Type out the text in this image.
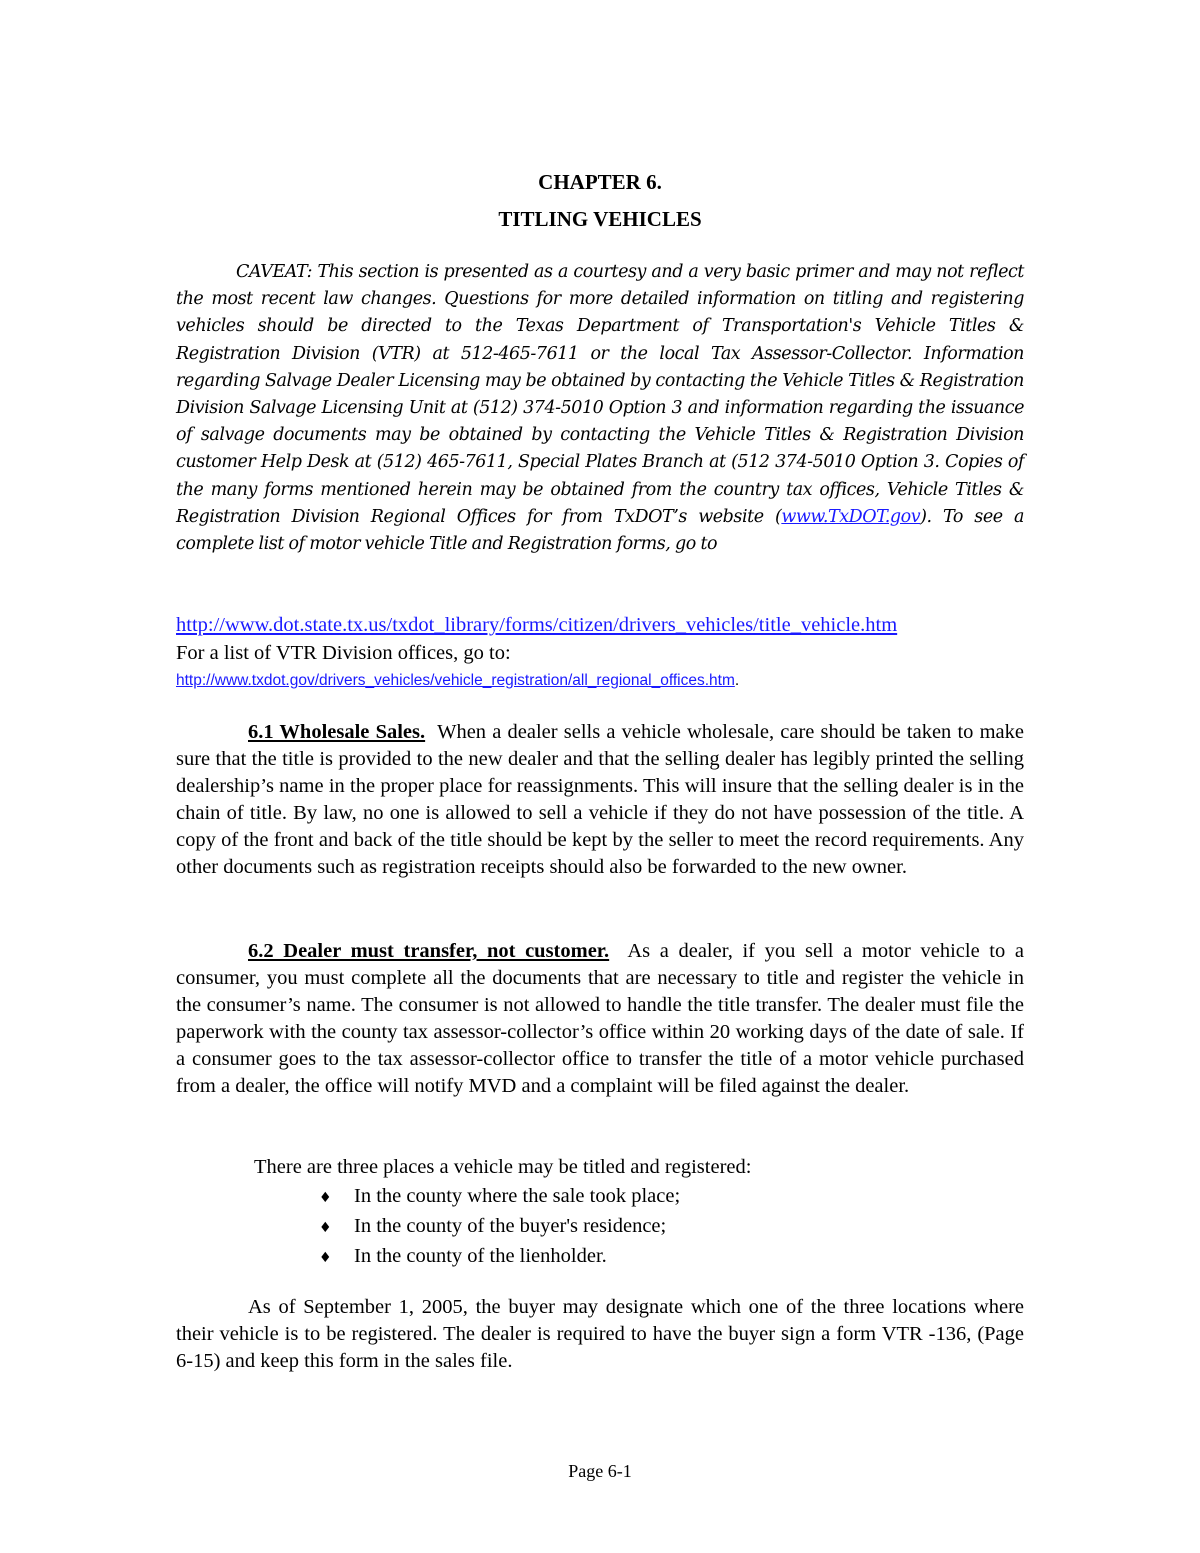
CHAPTER 6.
TITLING VEHICLES
CAVEAT: This section is presented as a courtesy and a very basic primer and may not reflect the most recent law changes. Questions for more detailed information on titling and registering vehicles should be directed to the Texas Department of Transportation's Vehicle Titles & Registration Division (VTR) at 512-465-7611 or the local Tax Assessor-Collector. Information regarding Salvage Dealer Licensing may be obtained by contacting the Vehicle Titles & Registration Division Salvage Licensing Unit at (512) 374-5010 Option 3 and information regarding the issuance of salvage documents may be obtained by contacting the Vehicle Titles & Registration Division customer Help Desk at (512) 465-7611, Special Plates Branch at (512 374-5010 Option 3. Copies of the many forms mentioned herein may be obtained from the country tax offices, Vehicle Titles & Registration Division Regional Offices for from TxDOT’s website (www.TxDOT.gov). To see a complete list of motor vehicle Title and Registration forms, go to
http://www.dot.state.tx.us/txdot_library/forms/citizen/drivers_vehicles/title_vehicle.htm
For a list of VTR Division offices, go to:
http://www.txdot.gov/drivers_vehicles/vehicle_registration/all_regional_offices.htm.
6.1 Wholesale Sales. When a dealer sells a vehicle wholesale, care should be taken to make sure that the title is provided to the new dealer and that the selling dealer has legibly printed the selling dealership’s name in the proper place for reassignments. This will insure that the selling dealer is in the chain of title. By law, no one is allowed to sell a vehicle if they do not have possession of the title. A copy of the front and back of the title should be kept by the seller to meet the record requirements. Any other documents such as registration receipts should also be forwarded to the new owner.
6.2 Dealer must transfer, not customer. As a dealer, if you sell a motor vehicle to a consumer, you must complete all the documents that are necessary to title and register the vehicle in the consumer’s name. The consumer is not allowed to handle the title transfer. The dealer must file the paperwork with the county tax assessor-collector’s office within 20 working days of the date of sale. If a consumer goes to the tax assessor-collector office to transfer the title of a motor vehicle purchased from a dealer, the office will notify MVD and a complaint will be filed against the dealer.
There are three places a vehicle may be titled and registered:
♦ In the county where the sale took place;
♦ In the county of the buyer's residence;
♦ In the county of the lienholder.
As of September 1, 2005, the buyer may designate which one of the three locations where their vehicle is to be registered. The dealer is required to have the buyer sign a form VTR -136, (Page 6-15) and keep this form in the sales file.
Page 6-1
